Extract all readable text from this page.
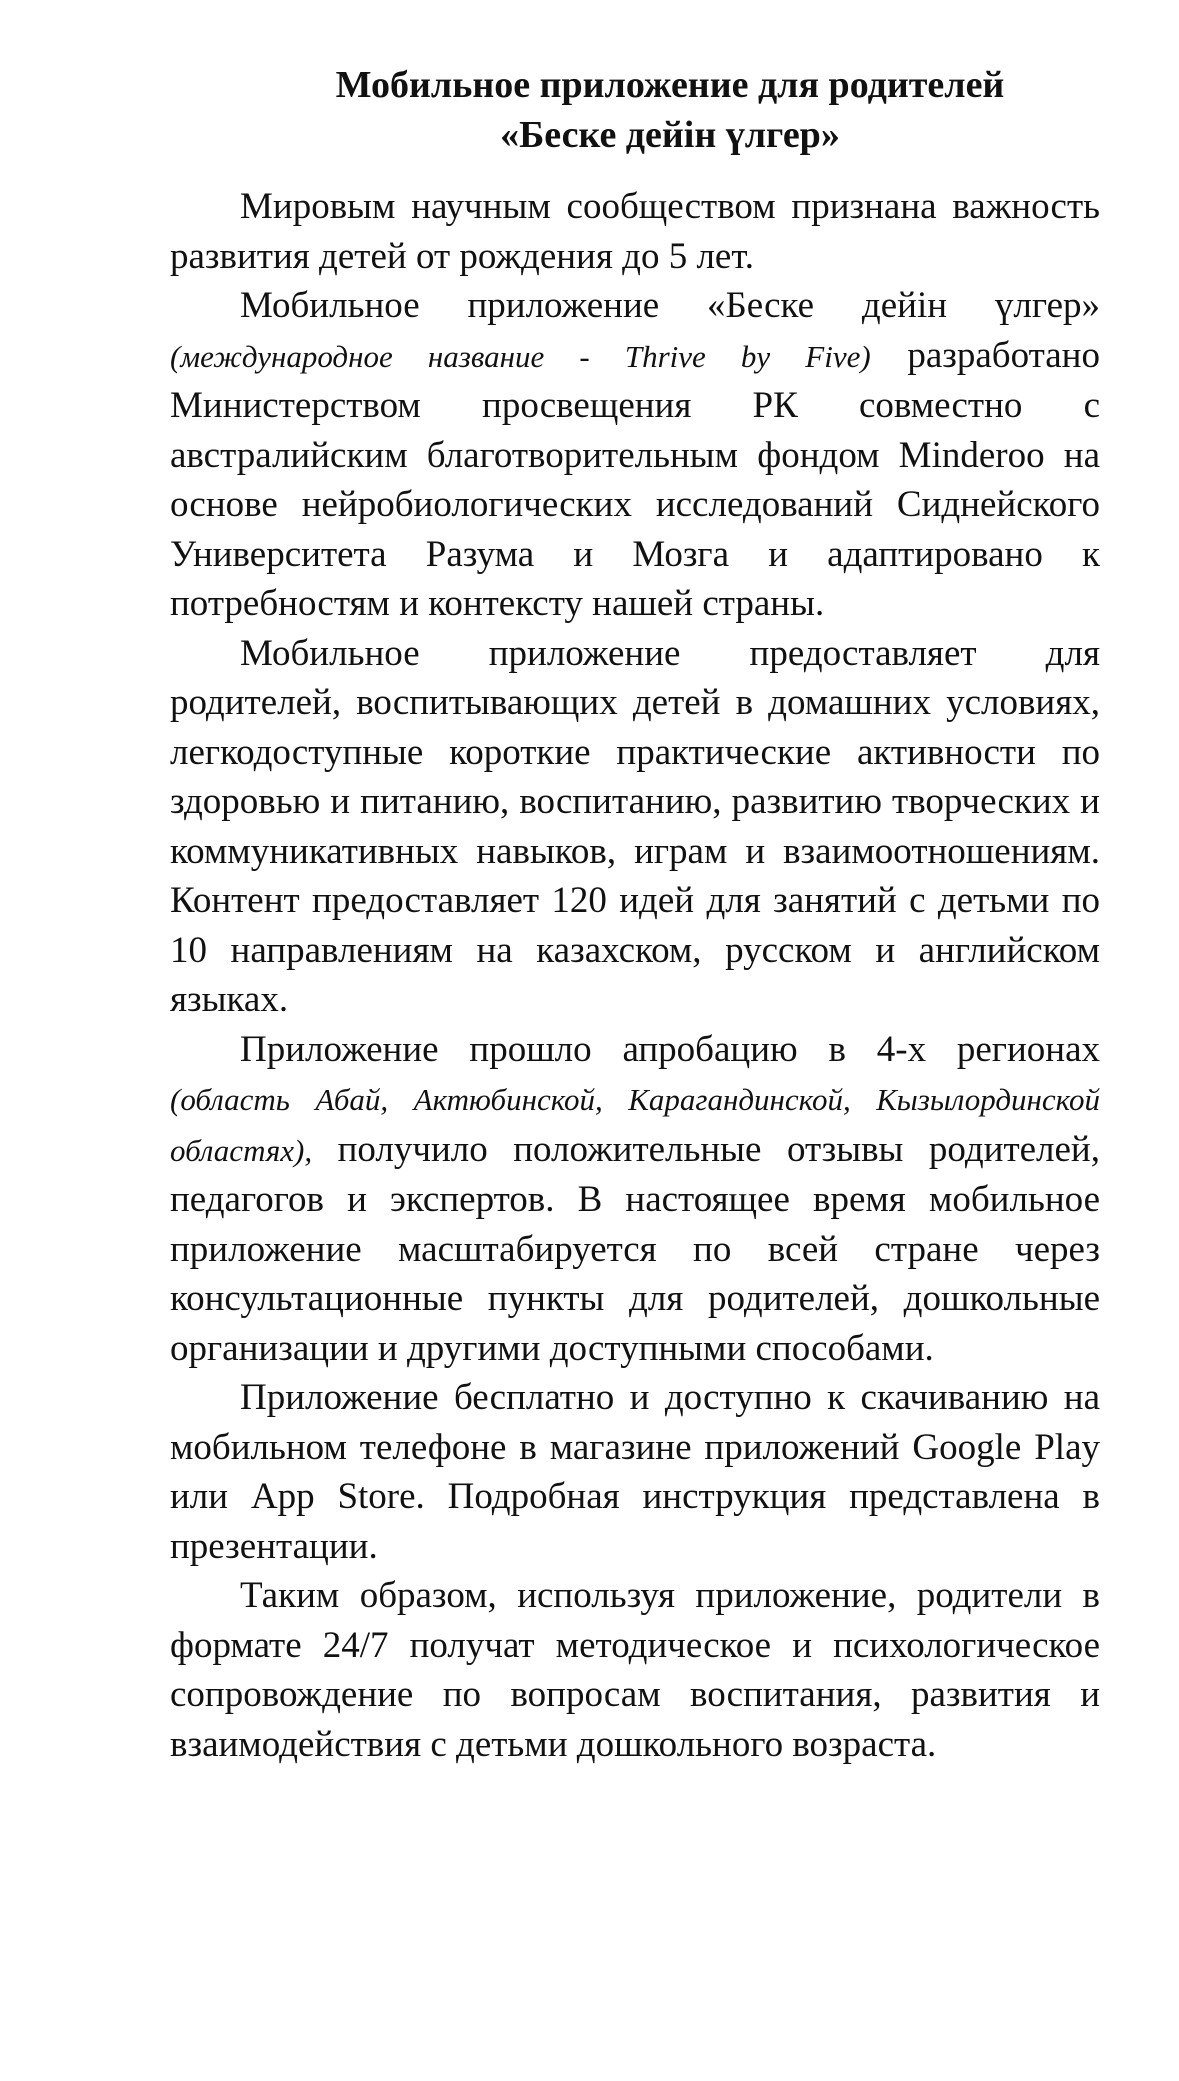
Мобильное приложение для родителей
«Беске дейін үлгер»

Мировым научным сообществом признана важность развития детей от рождения до 5 лет.

Мобильное приложение «Беске дейін үлгер» (международное название - Thrive by Five) разработано Министерством просвещения РК совместно с австралийским благотворительным фондом Minderoo на основе нейробиологических исследований Сиднейского Университета Разума и Мозга и адаптировано к потребностям и контексту нашей страны.

Мобильное приложение предоставляет для родителей, воспитывающих детей в домашних условиях, легкодоступные короткие практические активности по здоровью и питанию, воспитанию, развитию творческих и коммуникативных навыков, играм и взаимоотношениям. Контент предоставляет 120 идей для занятий с детьми по 10 направлениям на казахском, русском и английском языках.

Приложение прошло апробацию в 4-х регионах (область Абай, Актюбинской, Карагандинской, Кызылординской областях), получило положительные отзывы родителей, педагогов и экспертов. В настоящее время мобильное приложение масштабируется по всей стране через консультационные пункты для родителей, дошкольные организации и другими доступными способами.

Приложение бесплатно и доступно к скачиванию на мобильном телефоне в магазине приложений Google Play или App Store. Подробная инструкция представлена в презентации.

Таким образом, используя приложение, родители в формате 24/7 получат методическое и психологическое сопровождение по вопросам воспитания, развития и взаимодействия с детьми дошкольного возраста.
